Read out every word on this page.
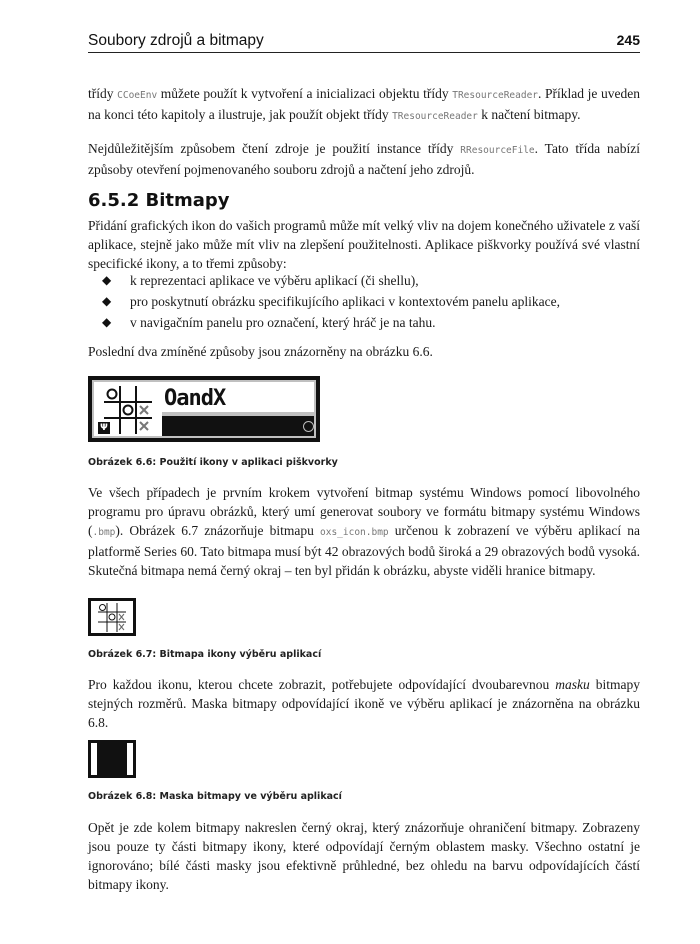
Soubory zdrojů a bitmapy	245

třídy CCoeEnv můžete použít k vytvoření a inicializaci objektu třídy TResourceReader. Příklad je uveden na konci této kapitoly a ilustruje, jak použít objekt třídy TResourceReader k načtení bitmapy.

Nejdůležitějším způsobem čtení zdroje je použití instance třídy RResourceFile. Tato třída nabízí způsoby otevření pojmenovaného souboru zdrojů a načtení jeho zdrojů.

6.5.2 Bitmapy

Přidání grafických ikon do vašich programů může mít velký vliv na dojem konečného uživatele z vaší aplikace, stejně jako může mít vliv na zlepšení použitelnosti. Aplikace piškvorky používá své vlastní specifické ikony, a to třemi způsoby:

◆ k reprezentaci aplikace ve výběru aplikací (či shellu),
◆ pro poskytnutí obrázku specifikujícího aplikaci v kontextovém panelu aplikace,
◆ v navigačním panelu pro označení, který hráč je na tahu.

Poslední dva zmíněné způsoby jsou znázorněny na obrázku 6.6.

OandX
Ψ
Obrázek 6.6: Použití ikony v aplikaci piškvorky

Ve všech případech je prvním krokem vytvoření bitmap systému Windows pomocí libovolného programu pro úpravu obrázků, který umí generovat soubory ve formátu bitmapy systému Windows (.bmp). Obrázek 6.7 znázorňuje bitmapu oxs_icon.bmp určenou k zobrazení ve výběru aplikací na platformě Series 60. Tato bitmapa musí být 42 obrazových bodů široká a 29 obrazových bodů vysoká. Skutečná bitmapa nemá černý okraj – ten byl přidán k obrázku, abyste viděli hranice bitmapy.

Obrázek 6.7: Bitmapa ikony výběru aplikací

Pro každou ikonu, kterou chcete zobrazit, potřebujete odpovídající dvoubarevnou masku bitmapy stejných rozměrů. Maska bitmapy odpovídající ikoně ve výběru aplikací je znázorněna na obrázku 6.8.

Obrázek 6.8: Maska bitmapy ve výběru aplikací

Opět je zde kolem bitmapy nakreslen černý okraj, který znázorňuje ohraničení bitmapy. Zobrazeny jsou pouze ty části bitmapy ikony, které odpovídají černým oblastem masky. Všechno ostatní je ignorováno; bílé části masky jsou efektivně průhledné, bez ohledu na barvu odpovídajících částí bitmapy ikony.
